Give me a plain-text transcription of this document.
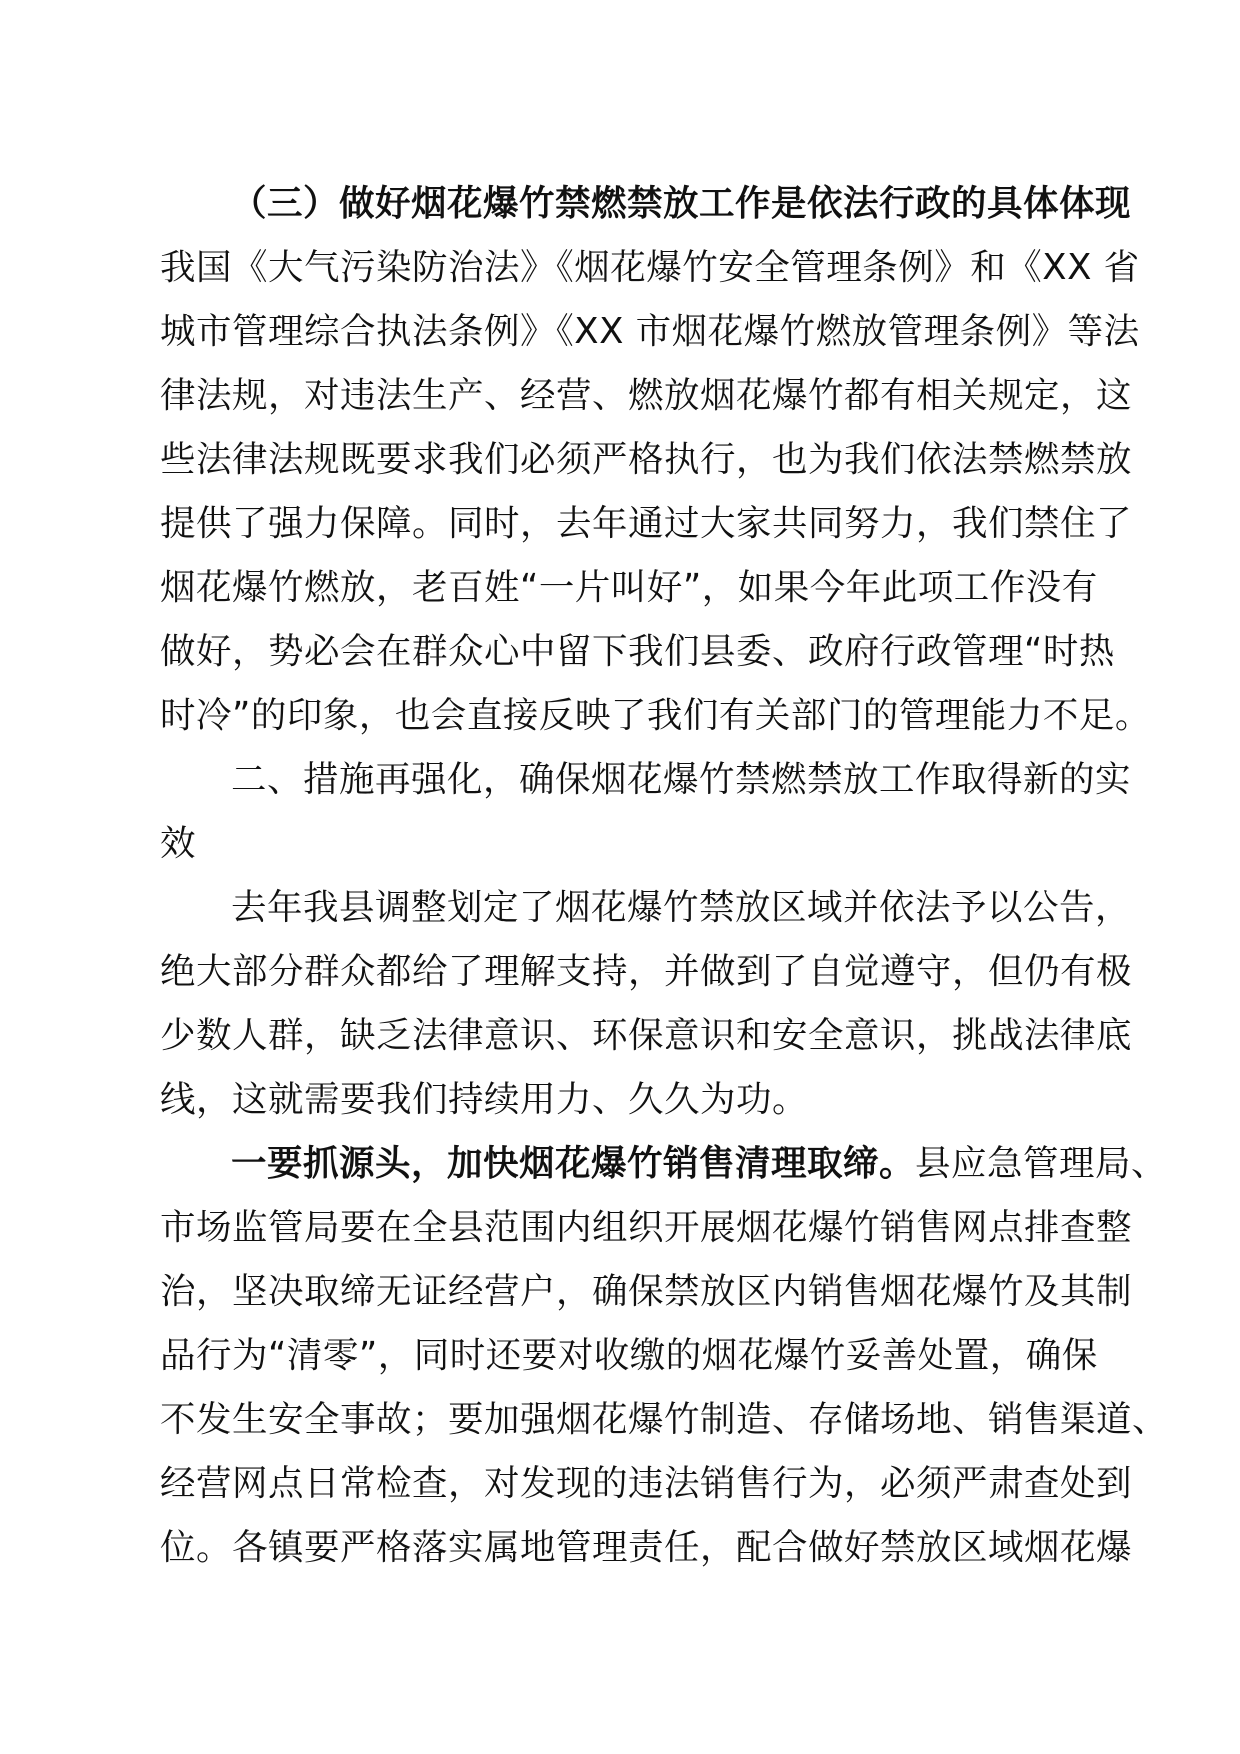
（三）做好烟花爆竹禁燃禁放工作是依法行政的具体体现
我国《大气污染防治法》《烟花爆竹安全管理条例》和《XX 省
城市管理综合执法条例》《XX 市烟花爆竹燃放管理条例》等法
律法规，对违法生产、经营、燃放烟花爆竹都有相关规定，这
些法律法规既要求我们必须严格执行，也为我们依法禁燃禁放
提供了强力保障。同时，去年通过大家共同努力，我们禁住了
烟花爆竹燃放，老百姓“一片叫好”，如果今年此项工作没有
做好，势必会在群众心中留下我们县委、政府行政管理“时热
时冷”的印象，也会直接反映了我们有关部门的管理能力不足。
二、措施再强化，确保烟花爆竹禁燃禁放工作取得新的实
效
去年我县调整划定了烟花爆竹禁放区域并依法予以公告，
绝大部分群众都给了理解支持，并做到了自觉遵守，但仍有极
少数人群，缺乏法律意识、环保意识和安全意识，挑战法律底
线，这就需要我们持续用力、久久为功。
一要抓源头，加快烟花爆竹销售清理取缔。县应急管理局、
市场监管局要在全县范围内组织开展烟花爆竹销售网点排查整
治，坚决取缔无证经营户，确保禁放区内销售烟花爆竹及其制
品行为“清零”，同时还要对收缴的烟花爆竹妥善处置，确保
不发生安全事故；要加强烟花爆竹制造、存储场地、销售渠道、
经营网点日常检查，对发现的违法销售行为，必须严肃查处到
位。各镇要严格落实属地管理责任，配合做好禁放区域烟花爆
